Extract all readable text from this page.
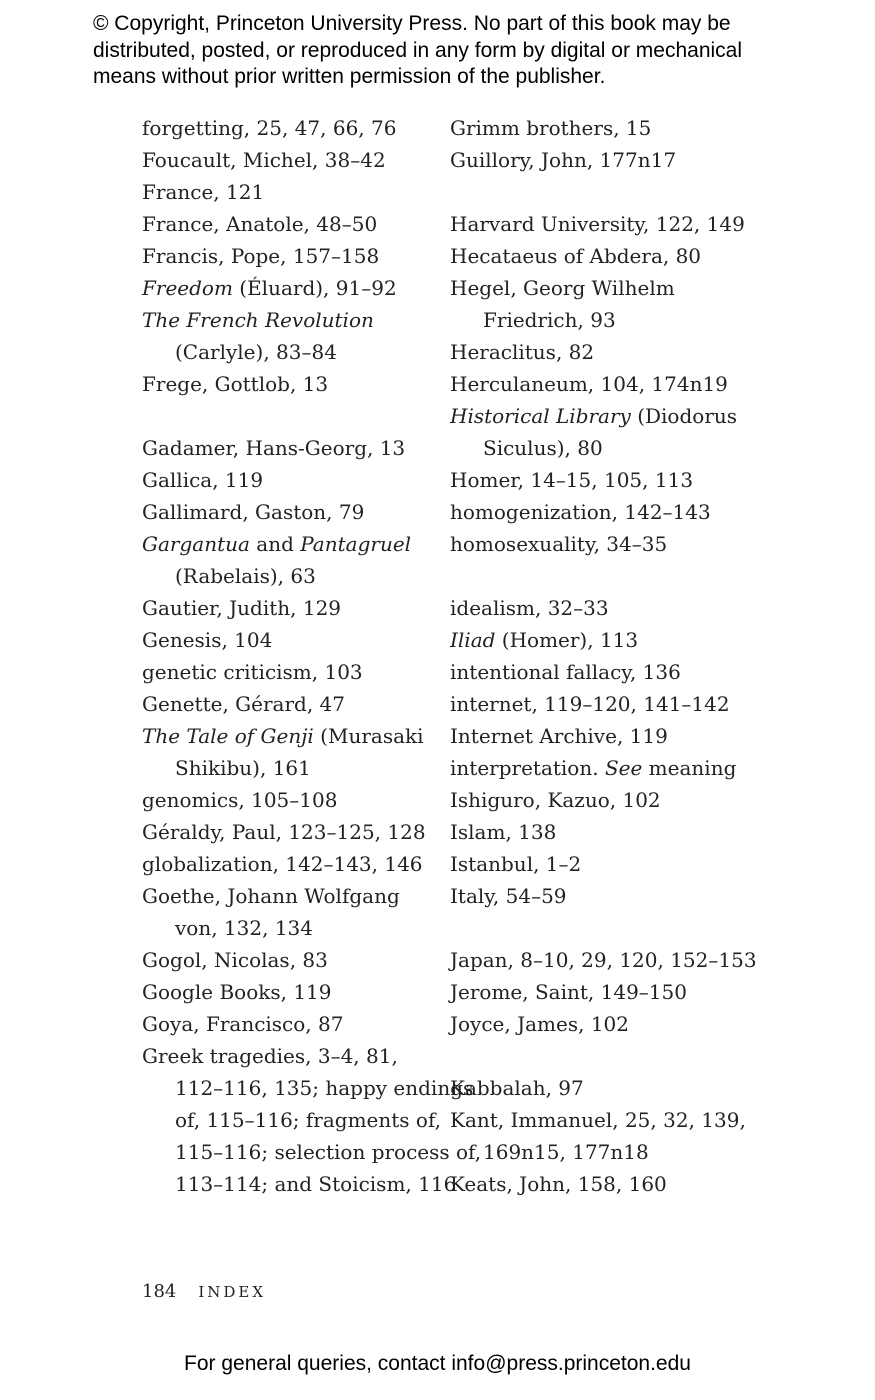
© Copyright, Princeton University Press. No part of this book may be
distributed, posted, or reproduced in any form by digital or mechanical
means without prior written permission of the publisher.
forgetting, 25, 47, 66, 76
Foucault, Michel, 38–42
France, 121
France, Anatole, 48–50
Francis, Pope, 157–158
Freedom (Éluard), 91–92
The French Revolution
(Carlyle), 83–84
Frege, Gottlob, 13
Gadamer, Hans-Georg, 13
Gallica, 119
Gallimard, Gaston, 79
Gargantua and Pantagruel
(Rabelais), 63
Gautier, Judith, 129
Genesis, 104
genetic criticism, 103
Genette, Gérard, 47
The Tale of Genji (Murasaki
Shikibu), 161
genomics, 105–108
Géraldy, Paul, 123–125, 128
globalization, 142–143, 146
Goethe, Johann Wolfgang
von, 132, 134
Gogol, Nicolas, 83
Google Books, 119
Goya, Francisco, 87
Greek tragedies, 3–4, 81,
112–116, 135; happy endings
of, 115–116; fragments of,
115–116; selection process of,
113–114; and Stoicism, 116
Grimm brothers, 15
Guillory, John, 177n17
Harvard University, 122, 149
Hecataeus of Abdera, 80
Hegel, Georg Wilhelm
Friedrich, 93
Heraclitus, 82
Herculaneum, 104, 174n19
Historical Library (Diodorus
Siculus), 80
Homer, 14–15, 105, 113
homogenization, 142–143
homosexuality, 34–35
idealism, 32–33
Iliad (Homer), 113
intentional fallacy, 136
internet, 119–120, 141–142
Internet Archive, 119
interpretation. See meaning
Ishiguro, Kazuo, 102
Islam, 138
Istanbul, 1–2
Italy, 54–59
Japan, 8–10, 29, 120, 152–153
Jerome, Saint, 149–150
Joyce, James, 102
Kabbalah, 97
Kant, Immanuel, 25, 32, 139,
169n15, 177n18
Keats, John, 158, 160
184 INDEX
For general queries, contact info@press.princeton.edu
